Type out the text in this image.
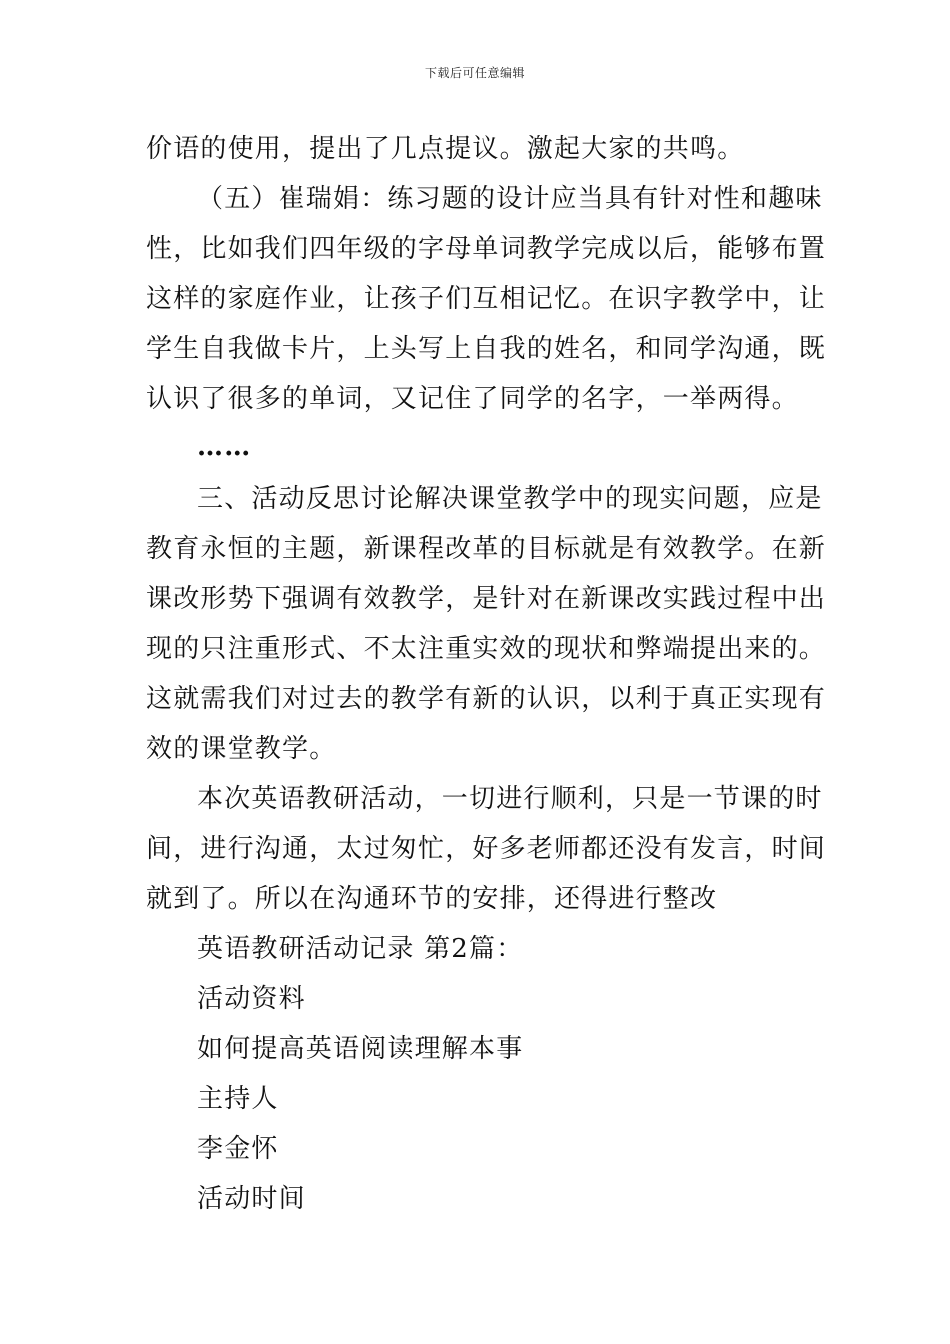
下载后可任意编辑
价语的使用，提出了几点提议。激起大家的共鸣。
（五）崔瑞娟：练习题的设计应当具有针对性和趣味
性，比如我们四年级的字母单词教学完成以后，能够布置
这样的家庭作业，让孩子们互相记忆。在识字教学中，让
学生自我做卡片，上头写上自我的姓名，和同学沟通，既
认识了很多的单词，又记住了同学的名字，一举两得。
……
三、活动反思讨论解决课堂教学中的现实问题，应是
教育永恒的主题，新课程改革的目标就是有效教学。在新
课改形势下强调有效教学，是针对在新课改实践过程中出
现的只注重形式、不太注重实效的现状和弊端提出来的。
这就需我们对过去的教学有新的认识，以利于真正实现有
效的课堂教学。
本次英语教研活动，一切进行顺利，只是一节课的时
间，进行沟通，太过匆忙，好多老师都还没有发言，时间
就到了。所以在沟通环节的安排，还得进行整改
英语教研活动记录 第2篇：
活动资料
如何提高英语阅读理解本事
主持人
李金怀
活动时间
